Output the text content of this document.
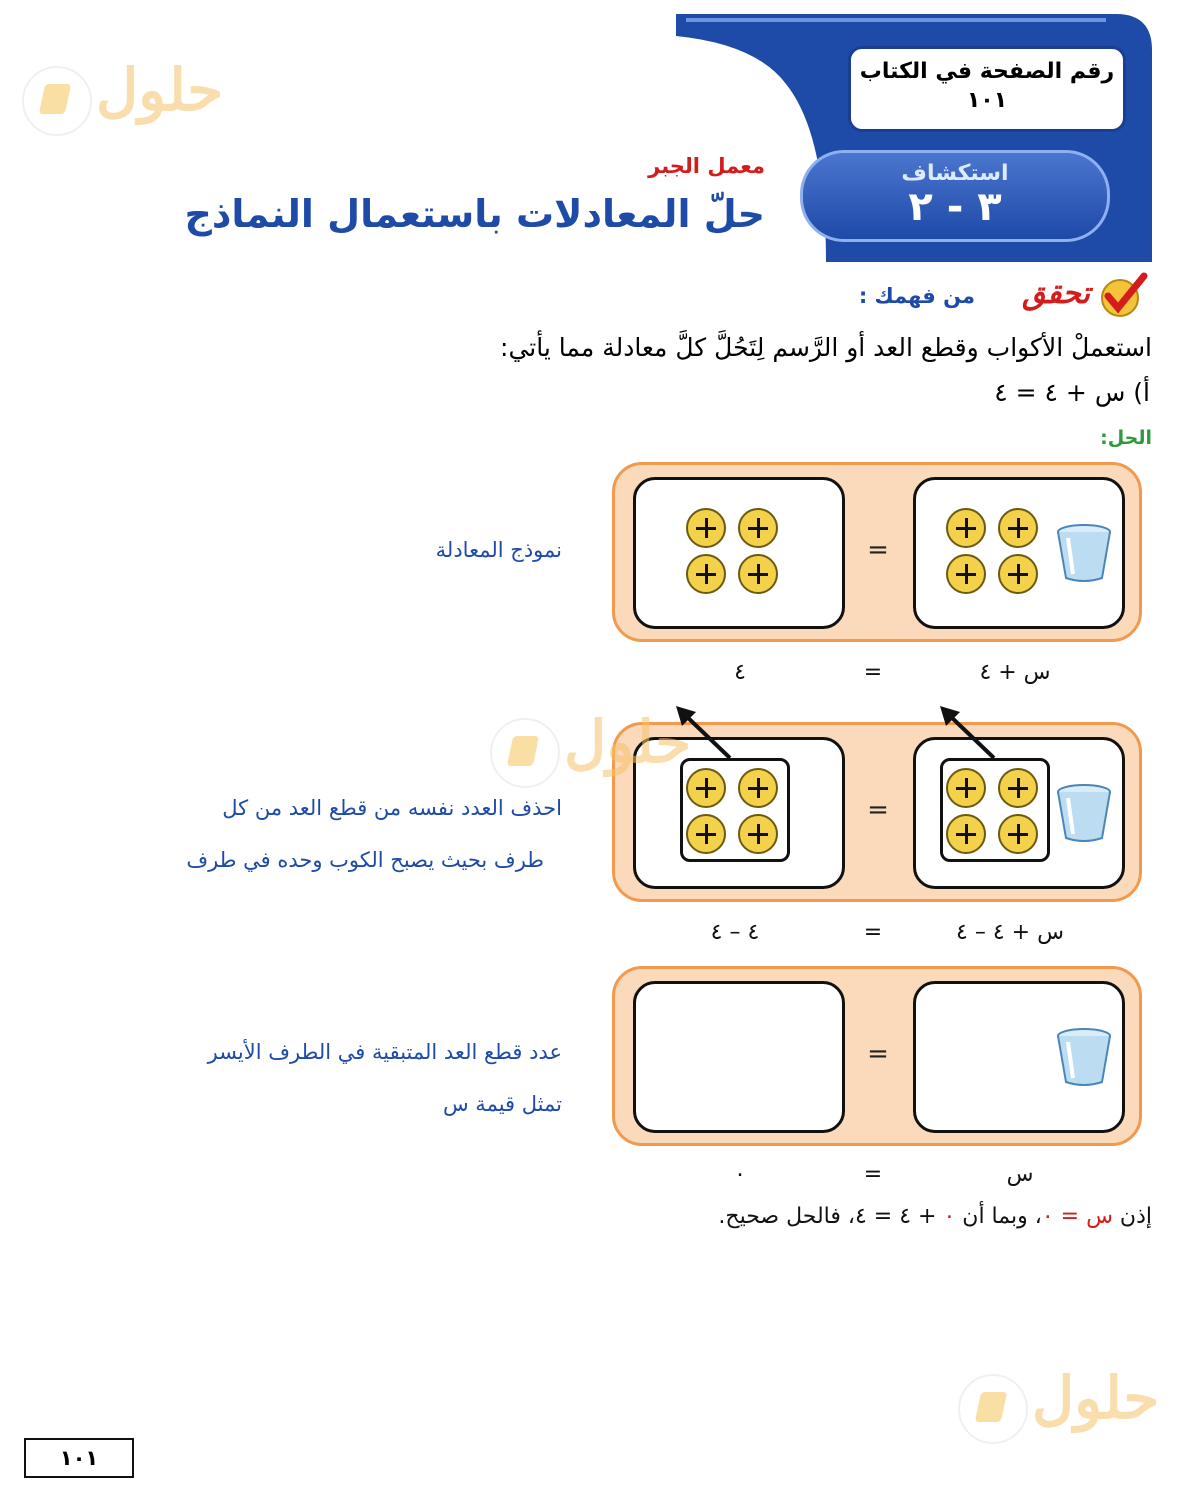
رقم الصفحة في الكتاب
١٠١
استكشاف
٣ - ٢
معمل الجبر
حلّ المعادلات باستعمال النماذج
تحقق
من فهمك :
استعملْ الأكواب وقطع العد أو الرَّسم لِتَحُلَّ كلَّ معادلة مما يأتي:
أ) س + ٤ = ٤
الحل:
=
نموذج المعادلة
س + ٤
=
٤
=
احذف العدد نفسه من قطع العد من كل
طرف بحيث يصبح الكوب وحده في طرف
س + ٤ – ٤
=
٤ – ٤
=
عدد قطع العد المتبقية في الطرف الأيسر
تمثل قيمة س
س
=
٠
إذن س = ٠، وبما أن ٠ + ٤ = ٤، فالحل صحيح.
١٠١
حلول
حلول
حلول
